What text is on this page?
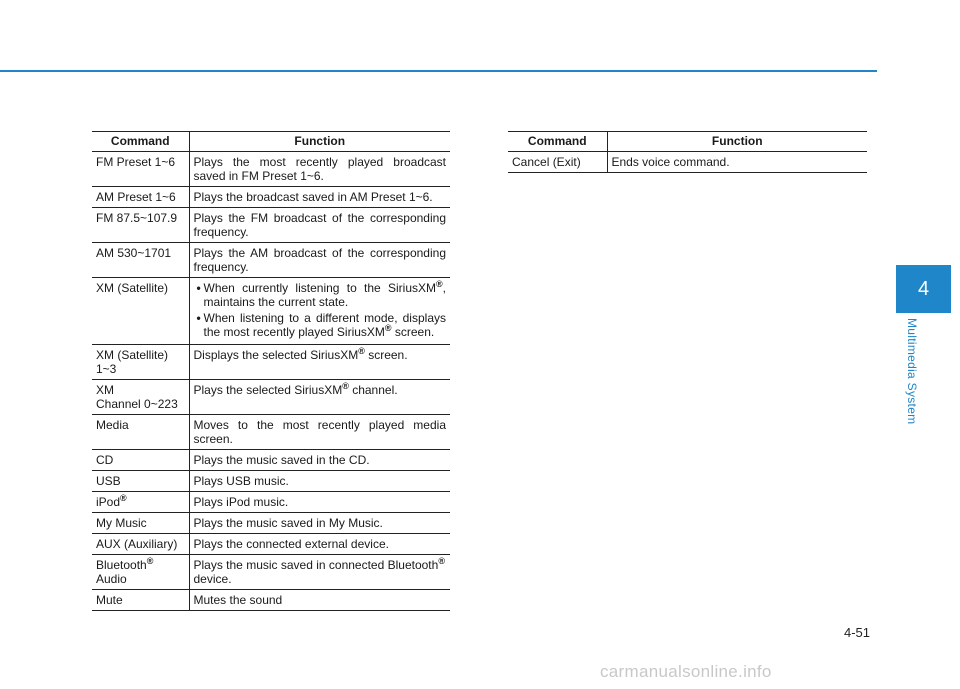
Command	Function
FM Preset 1~6	Plays the most recently played broadcast saved in FM Preset 1~6.
AM Preset 1~6	Plays the broadcast saved in AM Preset 1~6.
FM 87.5~107.9	Plays the FM broadcast of the corresponding frequency.
AM 530~1701	Plays the AM broadcast of the corresponding frequency.
XM (Satellite)	• When currently listening to the SiriusXM®, maintains the current state.
• When listening to a different mode, displays the most recently played SiriusXM® screen.

XM (Satellite) 1~3	Displays the selected SiriusXM® screen.
XM
Channel 0~223	Plays the selected SiriusXM® channel.
Media	Moves to the most recently played media screen.
CD	Plays the music saved in the CD.
USB	Plays USB music.
iPod®	Plays iPod music.
My Music	Plays the music saved in My Music.
AUX (Auxiliary)	Plays the connected external device.
Bluetooth® Audio	Plays the music saved in connected Bluetooth® device.
Mute	Mutes the sound
Command	Function
Cancel (Exit)	Ends voice command.
4
Multimedia System
4-51
carmanualsonline.info
